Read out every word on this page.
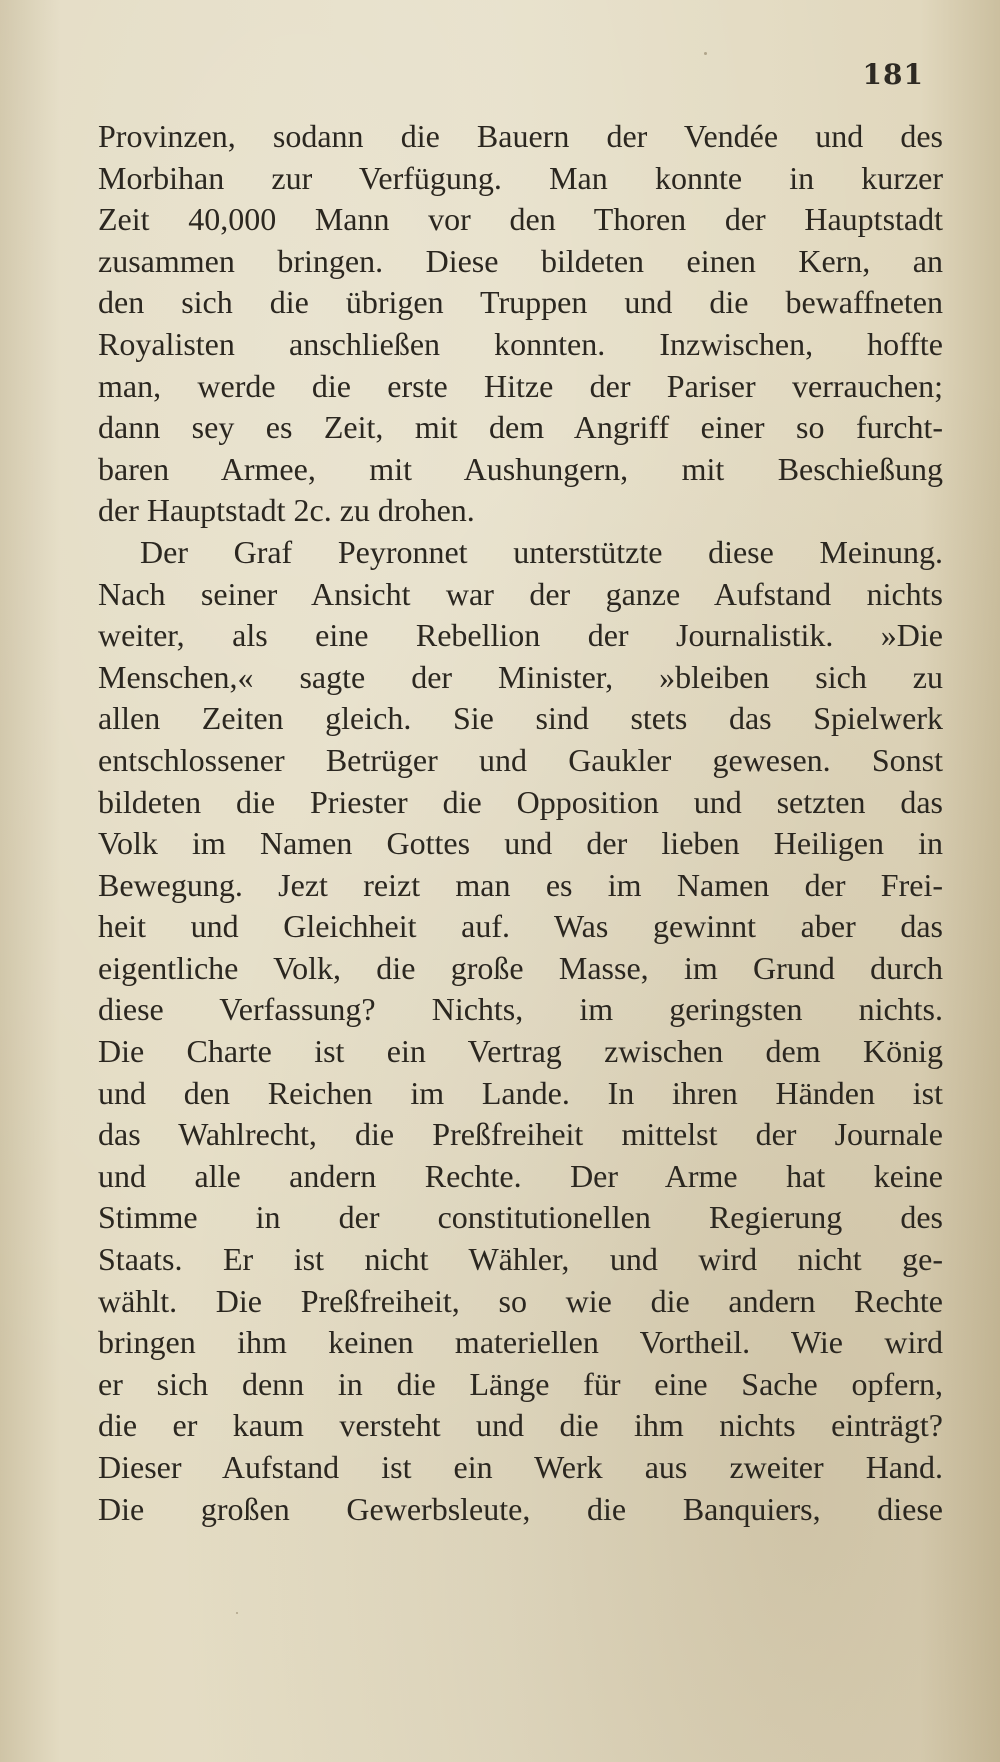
181
Provinzen, sodann die Bauern der Vendée und des
Morbihan zur Verfügung. Man konnte in kurzer
Zeit 40,000 Mann vor den Thoren der Hauptstadt
zusammen bringen. Diese bildeten einen Kern, an
den sich die übrigen Truppen und die bewaffneten
Royalisten anschließen konnten. Inzwischen, hoffte
man, werde die erste Hitze der Pariser verrauchen;
dann sey es Zeit, mit dem Angriff einer so furcht-
baren Armee, mit Aushungern, mit Beschießung
der Hauptstadt 2c. zu drohen.
Der Graf Peyronnet unterstützte diese Meinung.
Nach seiner Ansicht war der ganze Aufstand nichts
weiter, als eine Rebellion der Journalistik. »Die
Menschen,« sagte der Minister, »bleiben sich zu
allen Zeiten gleich. Sie sind stets das Spielwerk
entschlossener Betrüger und Gaukler gewesen. Sonst
bildeten die Priester die Opposition und setzten das
Volk im Namen Gottes und der lieben Heiligen in
Bewegung. Jezt reizt man es im Namen der Frei-
heit und Gleichheit auf. Was gewinnt aber das
eigentliche Volk, die große Masse, im Grund durch
diese Verfassung? Nichts, im geringsten nichts.
Die Charte ist ein Vertrag zwischen dem König
und den Reichen im Lande. In ihren Händen ist
das Wahlrecht, die Preßfreiheit mittelst der Journale
und alle andern Rechte. Der Arme hat keine
Stimme in der constitutionellen Regierung des
Staats. Er ist nicht Wähler, und wird nicht ge-
wählt. Die Preßfreiheit, so wie die andern Rechte
bringen ihm keinen materiellen Vortheil. Wie wird
er sich denn in die Länge für eine Sache opfern,
die er kaum versteht und die ihm nichts einträgt?
Dieser Aufstand ist ein Werk aus zweiter Hand.
Die großen Gewerbsleute, die Banquiers, diese
